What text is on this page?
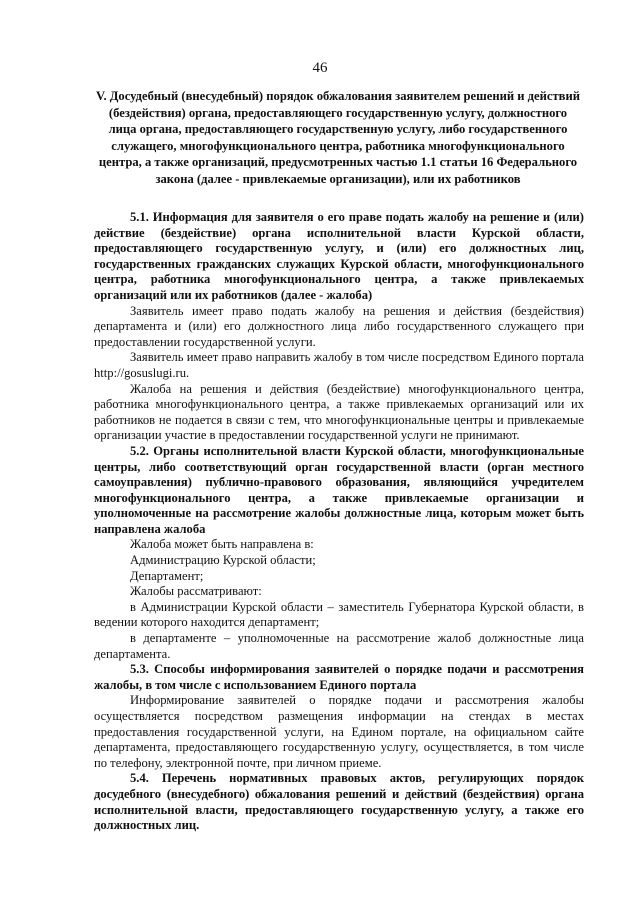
46
V. Досудебный (внесудебный) порядок обжалования заявителем решений и действий (бездействия) органа, предоставляющего государственную услугу, должностного лица органа, предоставляющего государственную услугу, либо государственного служащего, многофункционального центра, работника многофункционального центра, а также организаций, предусмотренных частью 1.1 статьи 16 Федерального закона (далее - привлекаемые организации), или их работников

5.1. Информация для заявителя о его праве подать жалобу на решение и (или) действие (бездействие) органа исполнительной власти Курской области, предоставляющего государственную услугу, и (или) его должностных лиц, государственных гражданских служащих Курской области, многофункционального центра, работника многофункционального центра, а также привлекаемых организаций или их работников (далее - жалоба)

Заявитель имеет право подать жалобу на решения и действия (бездействия) департамента и (или) его должностного лица либо государственного служащего при предоставлении государственной услуги.

Заявитель имеет право направить жалобу в том числе посредством Единого портала http://gosuslugi.ru.

Жалоба на решения и действия (бездействие) многофункционального центра, работника многофункционального центра, а также привлекаемых организаций или их работников не подается в связи с тем, что многофункциональные центры и привлекаемые организации участие в предоставлении государственной услуги не принимают.

5.2. Органы исполнительной власти Курской области, многофункциональные центры, либо соответствующий орган государственной власти (орган местного самоуправления) публично-правового образования, являющийся учредителем многофункционального центра, а также привлекаемые организации и уполномоченные на рассмотрение жалобы должностные лица, которым может быть направлена жалоба

Жалоба может быть направлена в:

Администрацию Курской области;

Департамент;

Жалобы рассматривают:

в Администрации Курской области – заместитель Губернатора Курской области, в ведении которого находится департамент;

в департаменте – уполномоченные на рассмотрение жалоб должностные лица департамента.

5.3. Способы информирования заявителей о порядке подачи и рассмотрения жалобы, в том числе с использованием Единого портала

Информирование заявителей о порядке подачи и рассмотрения жалобы осуществляется посредством размещения информации на стендах в местах предоставления государственной услуги, на Едином портале, на официальном сайте департамента, предоставляющего государственную услугу, осуществляется, в том числе по телефону, электронной почте, при личном приеме.

5.4. Перечень нормативных правовых актов, регулирующих порядок досудебного (внесудебного) обжалования решений и действий (бездействия) органа исполнительной власти, предоставляющего государственную услугу, а также его должностных лиц.
